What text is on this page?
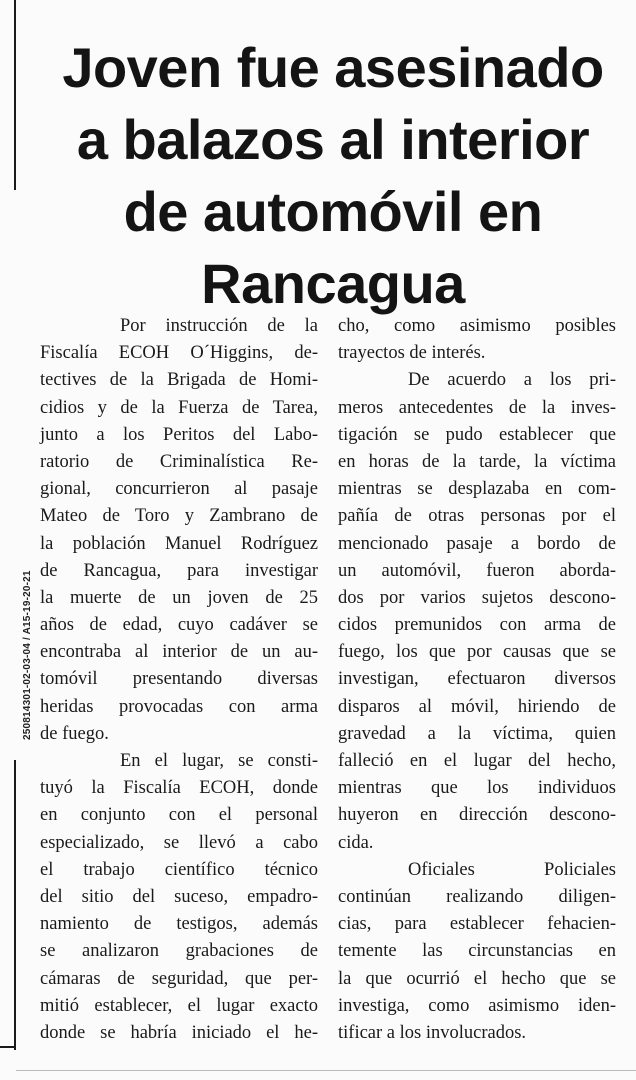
250814301-02-03-04 / A15-19-20-21
Joven fue asesinado
a balazos al interior
de automóvil en
Rancagua
Por instrucción de la
Fiscalía ECOH O´Higgins, de-
tectives de la Brigada de Homi-
cidios y de la Fuerza de Tarea,
junto a los Peritos del Labo-
ratorio de Criminalística Re-
gional, concurrieron al pasaje
Mateo de Toro y Zambrano de
la población Manuel Rodríguez
de Rancagua, para investigar
la muerte de un joven de 25
años de edad, cuyo cadáver se
encontraba al interior de un au-
tomóvil presentando diversas
heridas provocadas con arma
de fuego.
En el lugar, se consti-
tuyó la Fiscalía ECOH, donde
en conjunto con el personal
especializado, se llevó a cabo
el trabajo científico técnico
del sitio del suceso, empadro-
namiento de testigos, además
se analizaron grabaciones de
cámaras de seguridad, que per-
mitió establecer, el lugar exacto
donde se habría iniciado el he-
cho, como asimismo posibles
trayectos de interés.
De acuerdo a los pri-
meros antecedentes de la inves-
tigación se pudo establecer que
en horas de la tarde, la víctima
mientras se desplazaba en com-
pañía de otras personas por el
mencionado pasaje a bordo de
un automóvil, fueron aborda-
dos por varios sujetos descono-
cidos premunidos con arma de
fuego, los que por causas que se
investigan, efectuaron diversos
disparos al móvil, hiriendo de
gravedad a la víctima, quien
falleció en el lugar del hecho,
mientras que los individuos
huyeron en dirección descono-
cida.
Oficiales Policiales
continúan realizando diligen-
cias, para establecer fehacien-
temente las circunstancias en
la que ocurrió el hecho que se
investiga, como asimismo iden-
tificar a los involucrados.
